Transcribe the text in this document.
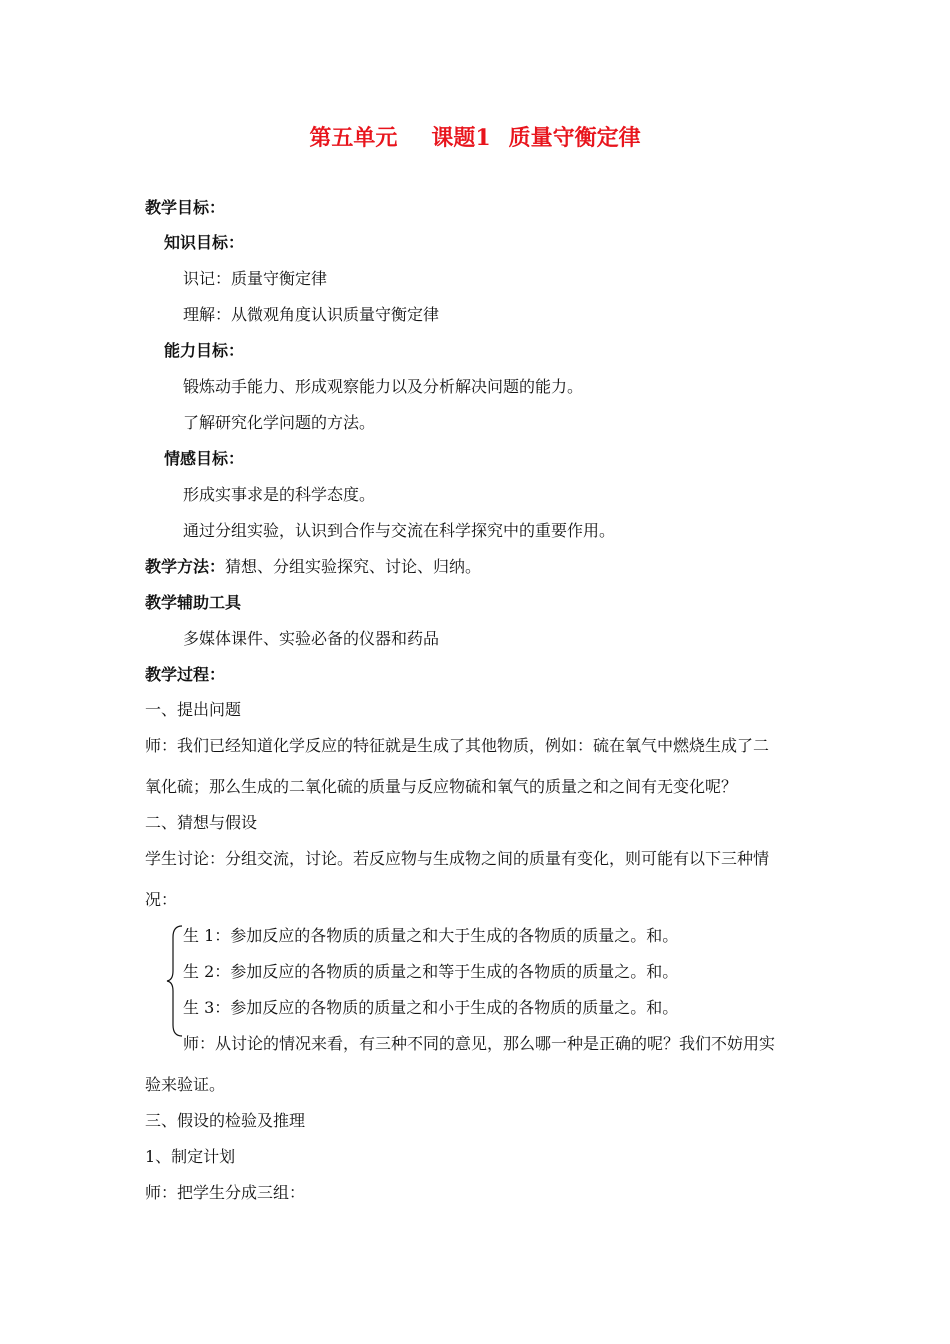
第五单元 课题1 质量守衡定律
教学目标：
知识目标：
识记：质量守衡定律
理解：从微观角度认识质量守衡定律
能力目标：
锻炼动手能力、形成观察能力以及分析解决问题的能力。
了解研究化学问题的方法。
情感目标：
形成实事求是的科学态度。
通过分组实验，认识到合作与交流在科学探究中的重要作用。
教学方法：猜想、分组实验探究、讨论、归纳。
教学辅助工具
多媒体课件、实验必备的仪器和药品
教学过程：
一、提出问题
师：我们已经知道化学反应的特征就是生成了其他物质，例如：硫在氧气中燃烧生成了二
氧化硫；那么生成的二氧化硫的质量与反应物硫和氧气的质量之和之间有无变化呢？
二、猜想与假设
学生讨论：分组交流，讨论。若反应物与生成物之间的质量有变化，则可能有以下三种情
况：
生 1：参加反应的各物质的质量之和大于生成的各物质的质量之。和。
生 2：参加反应的各物质的质量之和等于生成的各物质的质量之。和。
生 3：参加反应的各物质的质量之和小于生成的各物质的质量之。和。
师：从讨论的情况来看，有三种不同的意见，那么哪一种是正确的呢？我们不妨用实
验来验证。
三、假设的检验及推理
1、制定计划
师：把学生分成三组：
